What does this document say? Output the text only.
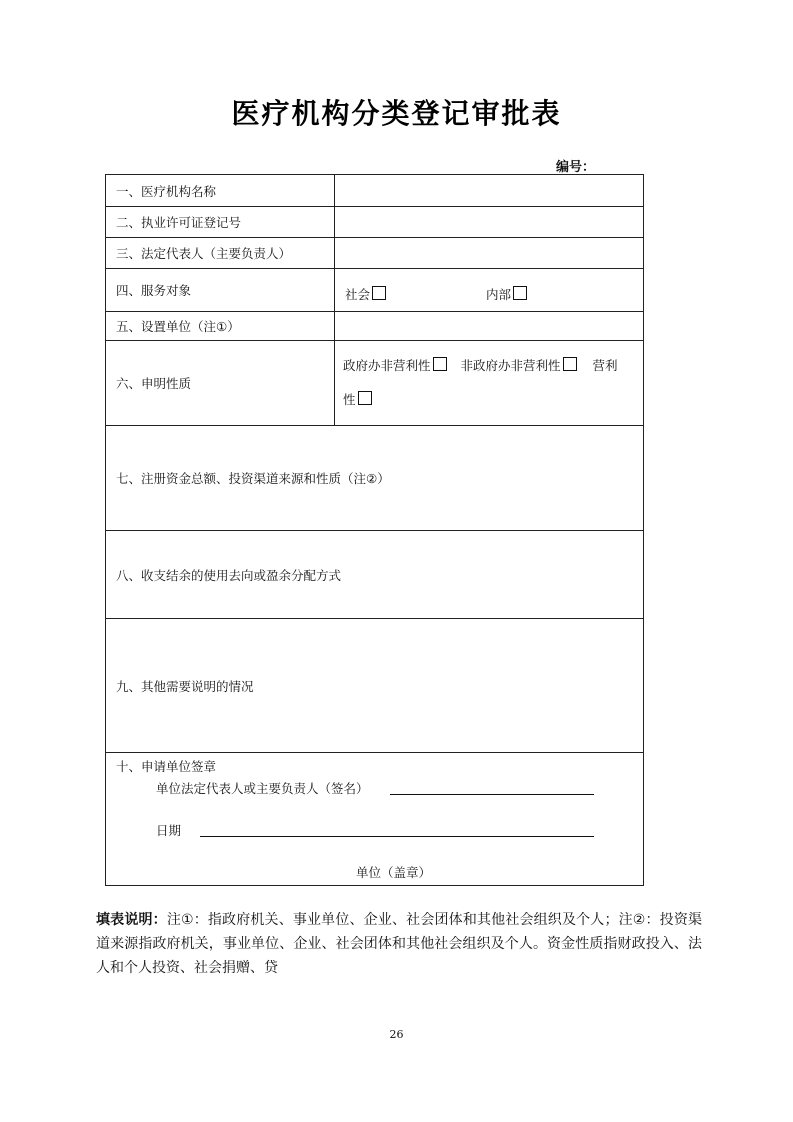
医疗机构分类登记审批表
编号：
一、医疗机构名称	
二、执业许可证登记号	
三、法定代表人（主要负责人）	
四、服务对象	社会 内部
五、设置单位（注①）	
六、申明性质	政府办非营利性 非政府办非营利性 营利
性

七、注册资金总额、投资渠道来源和性质（注②）	
八、收支结余的使用去向或盈余分配方式	
九、其他需要说明的情况	

十、申请单位签章
单位法定代表人或主要负责人（签名）
日期
单位（盖章）	
填表说明：注①：指政府机关、事业单位、企业、社会团体和其他社会组织及个人；注②：投资渠道来源指政府机关，事业单位、企业、社会团体和其他社会组织及个人。资金性质指财政投入、法人和个人投资、社会捐赠、贷
26
